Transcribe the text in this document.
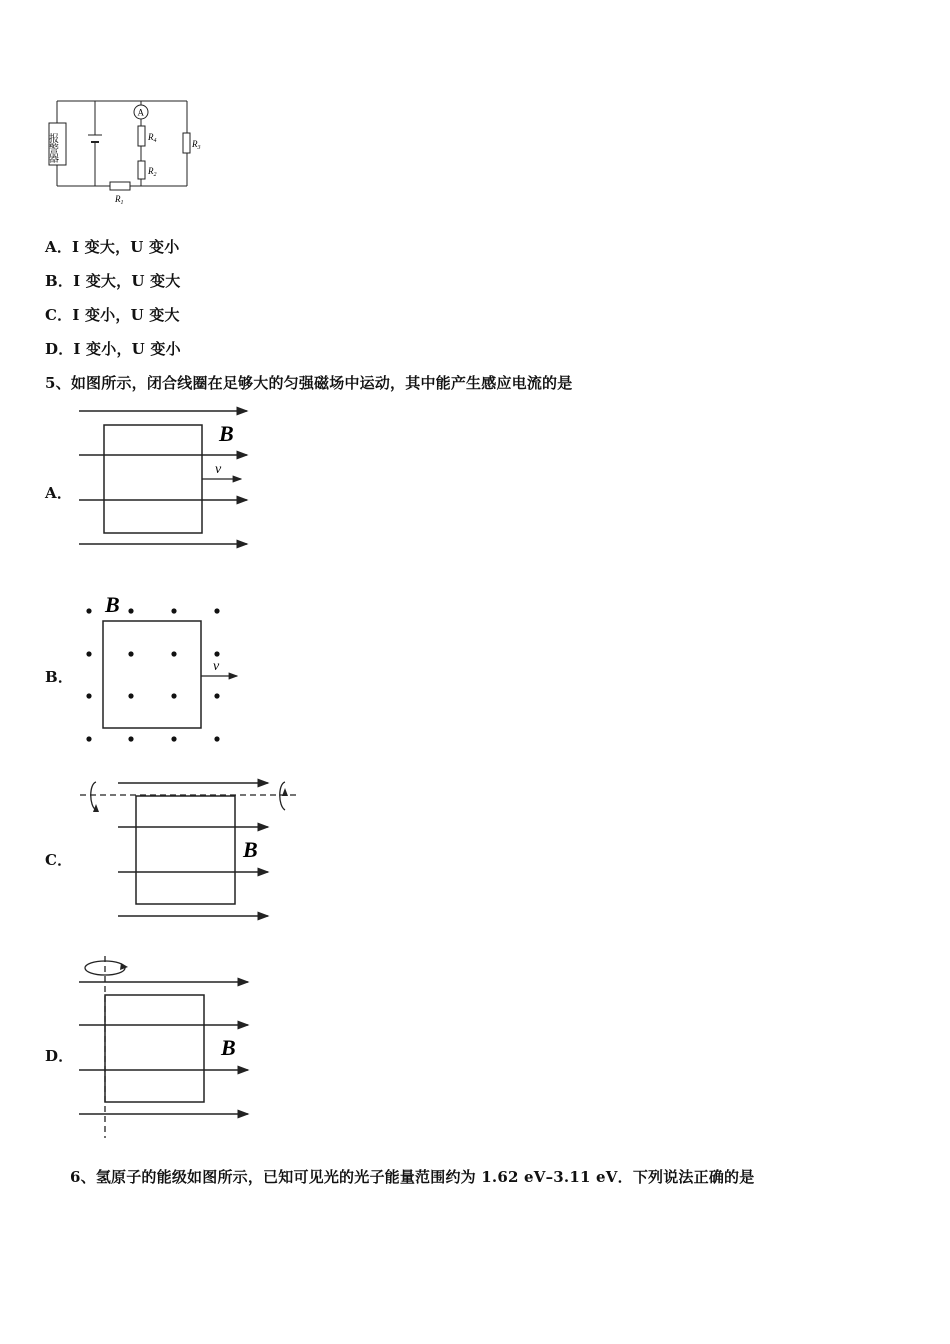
报警器
A
$R_4$
$R_2$
$R_3$
$R_1$
A．I 变大，U 变小
B．I 变大，U 变大
C．I 变小，U 变大
D．I 变小，U 变小
5、如图所示，闭合线圈在足够大的匀强磁场中运动，其中能产生感应电流的是
A．
B
v
B．
B
v
C．	B
D．	B
6、氢原子的能级如图所示，已知可见光的光子能量范围约为 1.62 eV–3.11 eV．下列说法正确的是
